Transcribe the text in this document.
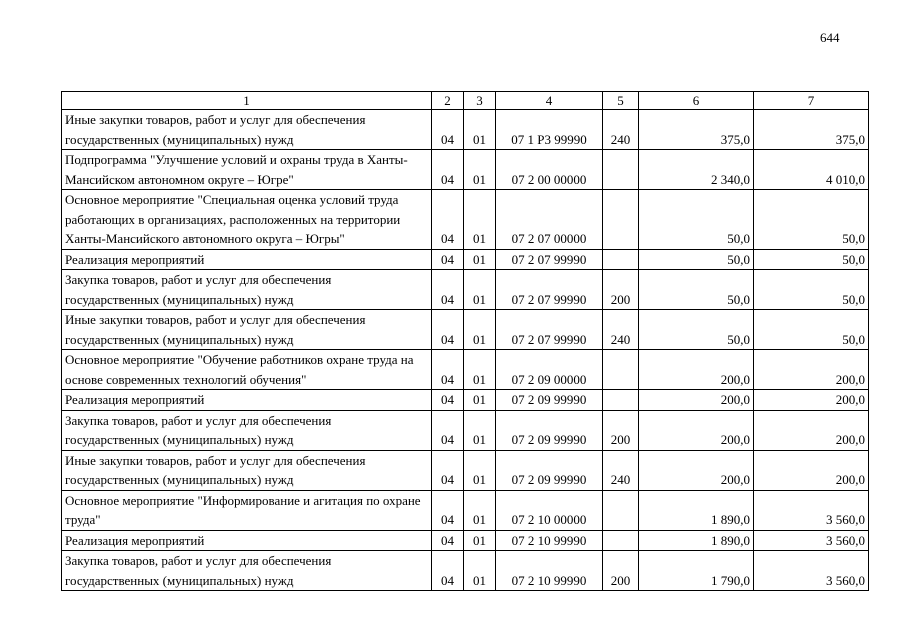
644
1	2	3	4	5	6	7
Иные закупки товаров, работ и услуг для обеспечения государственных (муниципальных) нужд	04	01	07 1 Р3 99990	240	375,0	375,0
Подпрограмма "Улучшение условий и охраны труда в Ханты-Мансийском автономном округе – Югре"	04	01	07 2 00 00000		2 340,0	4 010,0
Основное мероприятие "Специальная оценка условий труда работающих в организациях, расположенных на территории Ханты-Мансийского автономного округа – Югры"	04	01	07 2 07 00000		50,0	50,0
Реализация мероприятий	04	01	07 2 07 99990		50,0	50,0
Закупка товаров, работ и услуг для обеспечения государственных (муниципальных) нужд	04	01	07 2 07 99990	200	50,0	50,0
Иные закупки товаров, работ и услуг для обеспечения государственных (муниципальных) нужд	04	01	07 2 07 99990	240	50,0	50,0
Основное мероприятие "Обучение работников охране труда на основе современных технологий обучения"	04	01	07 2 09 00000		200,0	200,0
Реализация мероприятий	04	01	07 2 09 99990		200,0	200,0
Закупка товаров, работ и услуг для обеспечения государственных (муниципальных) нужд	04	01	07 2 09 99990	200	200,0	200,0
Иные закупки товаров, работ и услуг для обеспечения государственных (муниципальных) нужд	04	01	07 2 09 99990	240	200,0	200,0
Основное мероприятие "Информирование и агитация по охране труда"	04	01	07 2 10 00000		1 890,0	3 560,0
Реализация мероприятий	04	01	07 2 10 99990		1 890,0	3 560,0
Закупка товаров, работ и услуг для обеспечения государственных (муниципальных) нужд	04	01	07 2 10 99990	200	1 790,0	3 560,0
